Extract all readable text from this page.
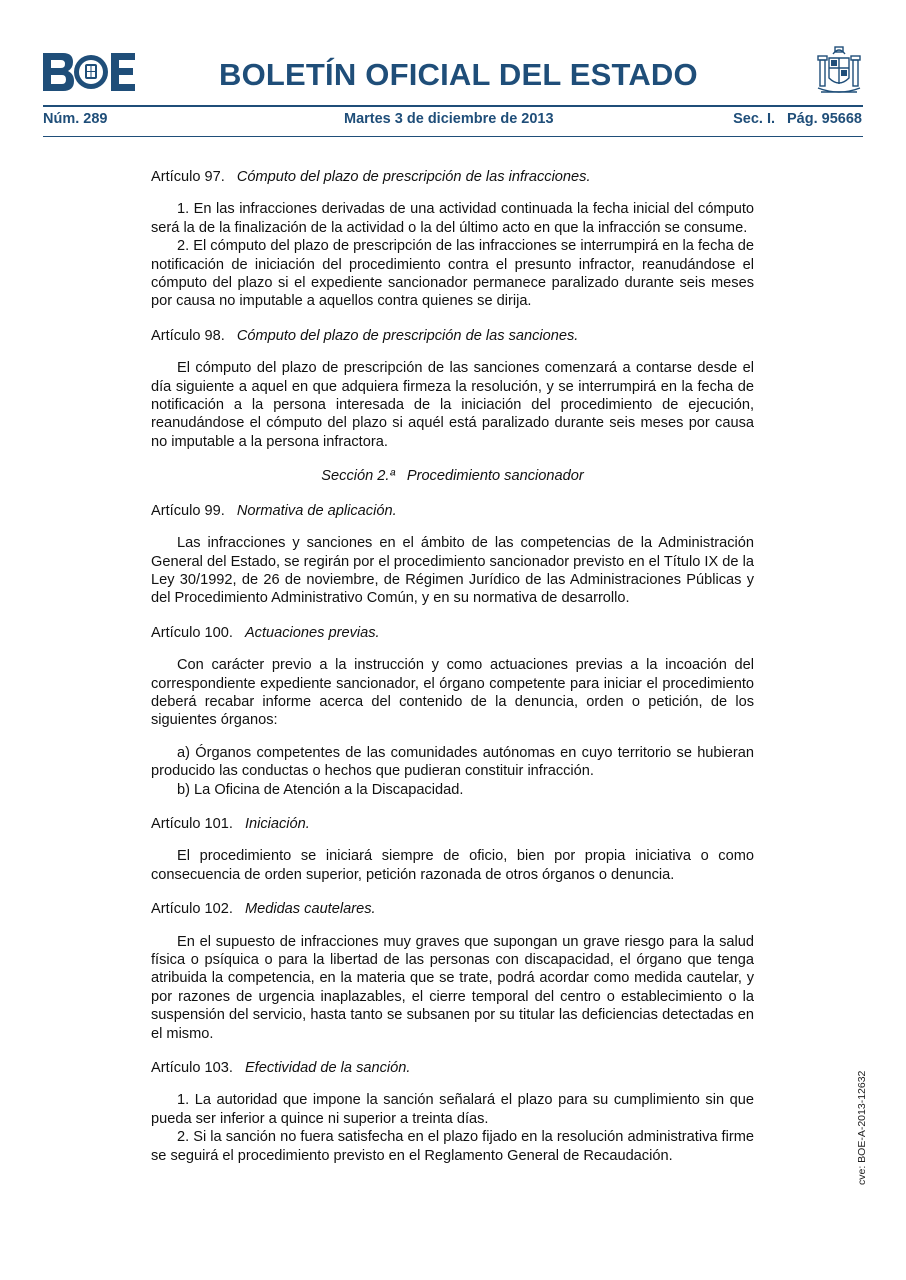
BOLETÍN OFICIAL DEL ESTADO
Núm. 289	Martes 3 de diciembre de 2013	Sec. I. Pág. 95668

Artículo 97. Cómputo del plazo de prescripción de las infracciones.

1. En las infracciones derivadas de una actividad continuada la fecha inicial del cómputo será la de la finalización de la actividad o la del último acto en que la infracción se consume.

2. El cómputo del plazo de prescripción de las infracciones se interrumpirá en la fecha de notificación de iniciación del procedimiento contra el presunto infractor, reanudándose el cómputo del plazo si el expediente sancionador permanece paralizado durante seis meses por causa no imputable a aquellos contra quienes se dirija.

Artículo 98. Cómputo del plazo de prescripción de las sanciones.

El cómputo del plazo de prescripción de las sanciones comenzará a contarse desde el día siguiente a aquel en que adquiera firmeza la resolución, y se interrumpirá en la fecha de notificación a la persona interesada de la iniciación del procedimiento de ejecución, reanudándose el cómputo del plazo si aquél está paralizado durante seis meses por causa no imputable a la persona infractora.

Sección 2.ª Procedimiento sancionador

Artículo 99. Normativa de aplicación.

Las infracciones y sanciones en el ámbito de las competencias de la Administración General del Estado, se regirán por el procedimiento sancionador previsto en el Título IX de la Ley 30/1992, de 26 de noviembre, de Régimen Jurídico de las Administraciones Públicas y del Procedimiento Administrativo Común, y en su normativa de desarrollo.

Artículo 100. Actuaciones previas.

Con carácter previo a la instrucción y como actuaciones previas a la incoación del correspondiente expediente sancionador, el órgano competente para iniciar el procedimiento deberá recabar informe acerca del contenido de la denuncia, orden o petición, de los siguientes órganos:

a) Órganos competentes de las comunidades autónomas en cuyo territorio se hubieran producido las conductas o hechos que pudieran constituir infracción.

b) La Oficina de Atención a la Discapacidad.

Artículo 101. Iniciación.

El procedimiento se iniciará siempre de oficio, bien por propia iniciativa o como consecuencia de orden superior, petición razonada de otros órganos o denuncia.

Artículo 102. Medidas cautelares.

En el supuesto de infracciones muy graves que supongan un grave riesgo para la salud física o psíquica o para la libertad de las personas con discapacidad, el órgano que tenga atribuida la competencia, en la materia que se trate, podrá acordar como medida cautelar, y por razones de urgencia inaplazables, el cierre temporal del centro o establecimiento o la suspensión del servicio, hasta tanto se subsanen por su titular las deficiencias detectadas en el mismo.

Artículo 103. Efectividad de la sanción.

1. La autoridad que impone la sanción señalará el plazo para su cumplimiento sin que pueda ser inferior a quince ni superior a treinta días.

2. Si la sanción no fuera satisfecha en el plazo fijado en la resolución administrativa firme se seguirá el procedimiento previsto en el Reglamento General de Recaudación.	cve: BOE-A-2013-12632
